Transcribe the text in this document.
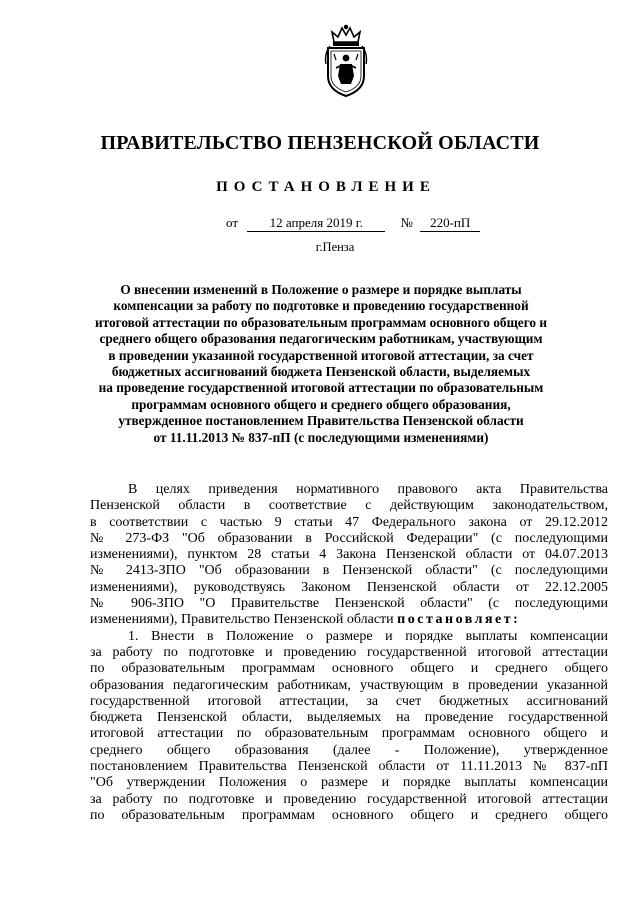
ПРАВИТЕЛЬСТВО ПЕНЗЕНСКОЙ ОБЛАСТИ
ПОСТАНОВЛЕНИЕ
от 12 апреля 2019 г.	№ 220-пП
г.Пенза
О внесении изменений в Положение о размере и порядке выплаты
компенсации за работу по подготовке и проведению государственной
итоговой аттестации по образовательным программам основного общего и
среднего общего образования педагогическим работникам, участвующим
в проведении указанной государственной итоговой аттестации, за счет
бюджетных ассигнований бюджета Пензенской области, выделяемых
на проведение государственной итоговой аттестации по образовательным
программам основного общего и среднего общего образования,
утвержденное постановлением Правительства Пензенской области
от 11.11.2013 № 837-пП (с последующими изменениями)
В целях приведения нормативного правового акта Правительства
Пензенской области в соответствие с действующим законодательством,
в соответствии с частью 9 статьи 47 Федерального закона от 29.12.2012
№ 273-ФЗ "Об образовании в Российской Федерации" (с последующими
изменениями), пунктом 28 статьи 4 Закона Пензенской области от 04.07.2013
№ 2413-ЗПО "Об образовании в Пензенской области" (с последующими
изменениями), руководствуясь Законом Пензенской области от 22.12.2005
№ 906-ЗПО "О Правительстве Пензенской области" (с последующими
изменениями), Правительство Пензенской области постановляет:
1. Внести в Положение о размере и порядке выплаты компенсации
за работу по подготовке и проведению государственной итоговой аттестации
по образовательным программам основного общего и среднего общего
образования педагогическим работникам, участвующим в проведении указанной
государственной итоговой аттестации, за счет бюджетных ассигнований
бюджета Пензенской области, выделяемых на проведение государственной
итоговой аттестации по образовательным программам основного общего и
среднего общего образования (далее - Положение), утвержденное
постановлением Правительства Пензенской области от 11.11.2013 № 837-пП
"Об утверждении Положения о размере и порядке выплаты компенсации
за работу по подготовке и проведению государственной итоговой аттестации
по образовательным программам основного общего и среднего общего
